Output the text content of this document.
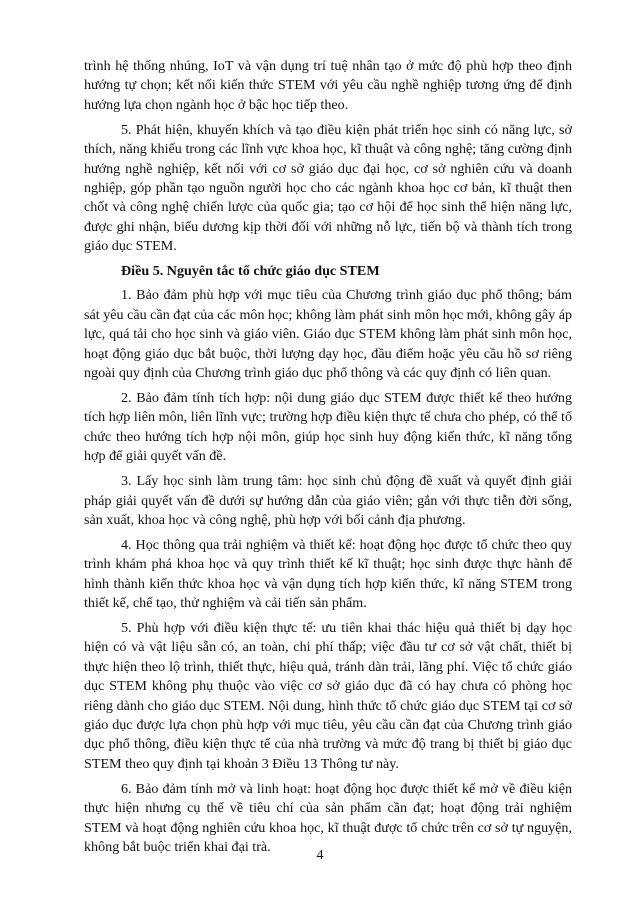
trình hệ thống nhúng, IoT và vận dụng trí tuệ nhân tạo ở mức độ phù hợp theo định hướng tự chọn; kết nối kiến thức STEM với yêu cầu nghề nghiệp tương ứng để định hướng lựa chọn ngành học ở bậc học tiếp theo.

5. Phát hiện, khuyến khích và tạo điều kiện phát triển học sinh có năng lực, sở thích, năng khiếu trong các lĩnh vực khoa học, kĩ thuật và công nghệ; tăng cường định hướng nghề nghiệp, kết nối với cơ sở giáo dục đại học, cơ sở nghiên cứu và doanh nghiệp, góp phần tạo nguồn người học cho các ngành khoa học cơ bản, kĩ thuật then chốt và công nghệ chiến lược của quốc gia; tạo cơ hội để học sinh thể hiện năng lực, được ghi nhận, biểu dương kịp thời đối với những nỗ lực, tiến bộ và thành tích trong giáo dục STEM.

Điều 5. Nguyên tắc tổ chức giáo dục STEM

1. Bảo đảm phù hợp với mục tiêu của Chương trình giáo dục phổ thông; bám sát yêu cầu cần đạt của các môn học; không làm phát sinh môn học mới, không gây áp lực, quá tải cho học sinh và giáo viên. Giáo dục STEM không làm phát sinh môn học, hoạt động giáo dục bắt buộc, thời lượng dạy học, đầu điểm hoặc yêu cầu hồ sơ riêng ngoài quy định của Chương trình giáo dục phổ thông và các quy định có liên quan.

2. Bảo đảm tính tích hợp: nội dung giáo dục STEM được thiết kế theo hướng tích hợp liên môn, liên lĩnh vực; trường hợp điều kiện thực tế chưa cho phép, có thể tổ chức theo hướng tích hợp nội môn, giúp học sinh huy động kiến thức, kĩ năng tổng hợp để giải quyết vấn đề.

3. Lấy học sinh làm trung tâm: học sinh chủ động đề xuất và quyết định giải pháp giải quyết vấn đề dưới sự hướng dẫn của giáo viên; gắn với thực tiễn đời sống, sản xuất, khoa học và công nghệ, phù hợp với bối cảnh địa phương.

4. Học thông qua trải nghiệm và thiết kế: hoạt động học được tổ chức theo quy trình khám phá khoa học và quy trình thiết kế kĩ thuật; học sinh được thực hành để hình thành kiến thức khoa học và vận dụng tích hợp kiến thức, kĩ năng STEM trong thiết kế, chế tạo, thử nghiệm và cải tiến sản phẩm.

5. Phù hợp với điều kiện thực tế: ưu tiên khai thác hiệu quả thiết bị dạy học hiện có và vật liệu sẵn có, an toàn, chi phí thấp; việc đầu tư cơ sở vật chất, thiết bị thực hiện theo lộ trình, thiết thực, hiệu quả, tránh dàn trải, lãng phí. Việc tổ chức giáo dục STEM không phụ thuộc vào việc cơ sở giáo dục đã có hay chưa có phòng học riêng dành cho giáo dục STEM. Nội dung, hình thức tổ chức giáo dục STEM tại cơ sở giáo dục được lựa chọn phù hợp với mục tiêu, yêu cầu cần đạt của Chương trình giáo dục phổ thông, điều kiện thực tế của nhà trường và mức độ trang bị thiết bị giáo dục STEM theo quy định tại khoản 3 Điều 13 Thông tư này.

6. Bảo đảm tính mở và linh hoạt: hoạt động học được thiết kế mở về điều kiện thực hiện nhưng cụ thể về tiêu chí của sản phẩm cần đạt; hoạt động trải nghiệm STEM và hoạt động nghiên cứu khoa học, kĩ thuật được tổ chức trên cơ sở tự nguyện, không bắt buộc triển khai đại trà.

4
